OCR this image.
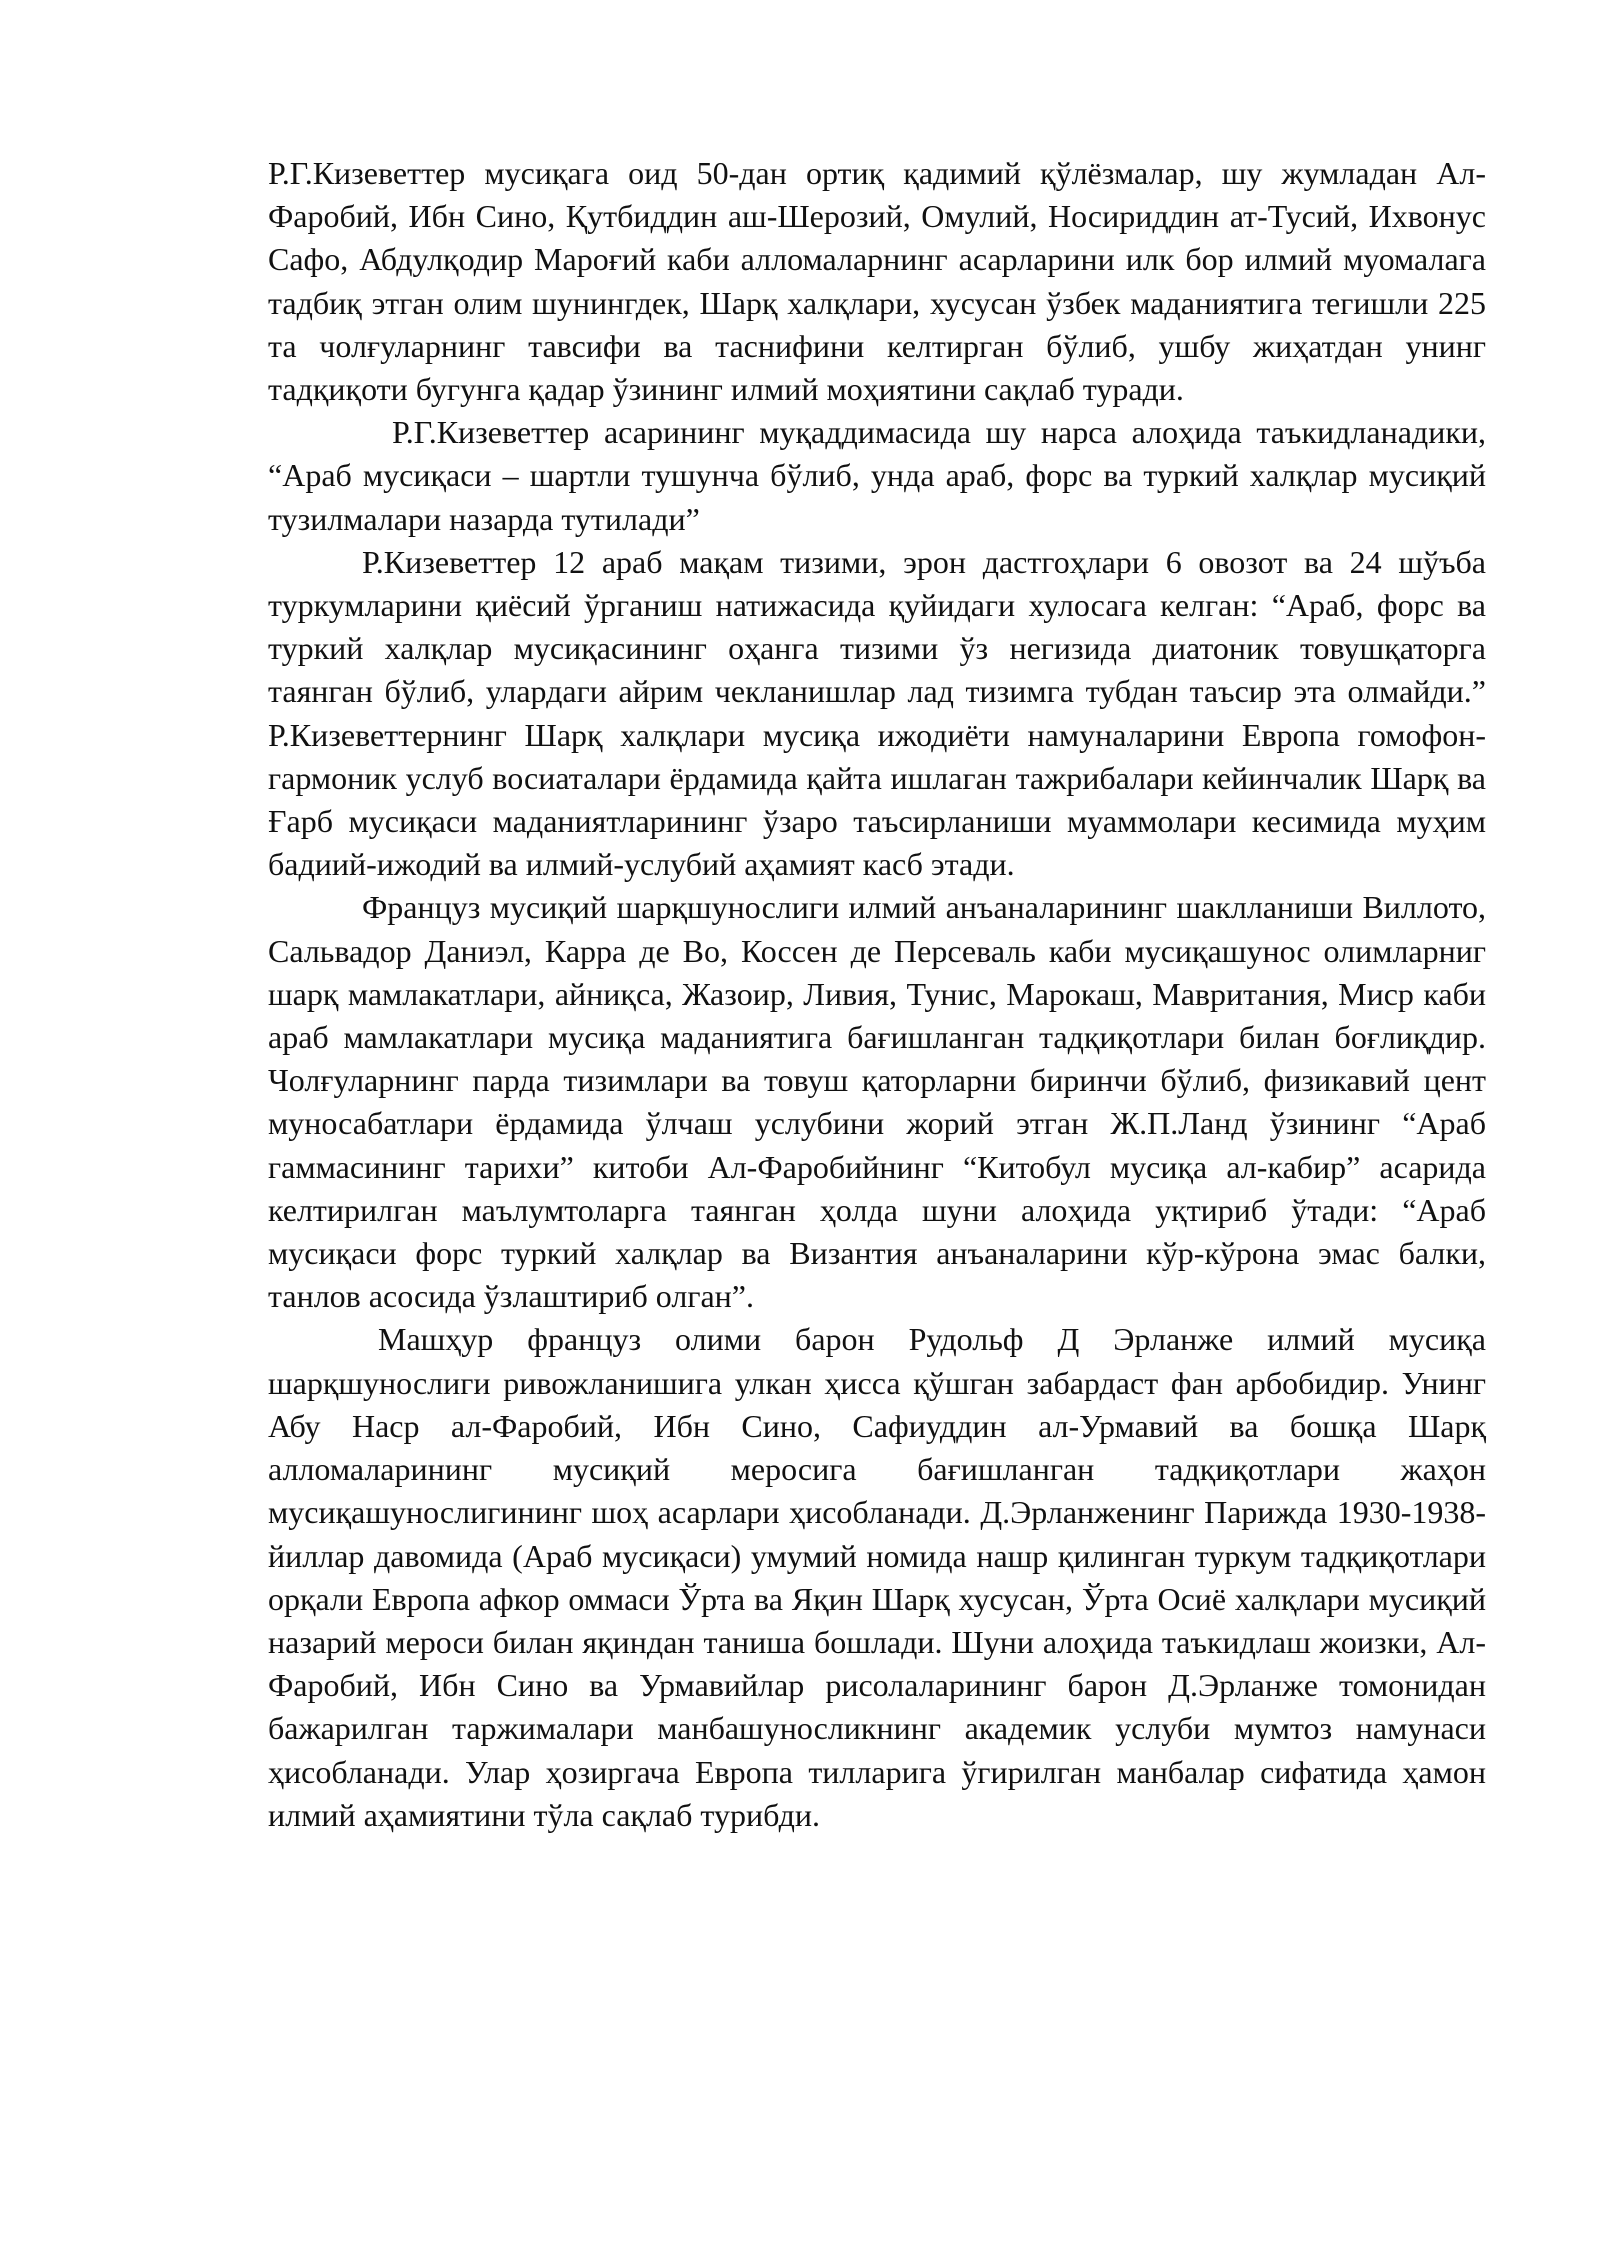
Р.Г.Кизеветтер мусиқага оид 50-дан ортиқ қадимий қўлёзмалар, шу жумладан Ал-Фаробий, Ибн Сино, Қутбиддин аш-Шерозий, Омулий, Носириддин ат-Тусий, Ихвонус Сафо, Абдулқодир Мароғий каби алломаларнинг асарларини илк бор илмий муомалага тадбиқ этган олим шунингдек, Шарқ халқлари, хусусан ўзбек маданиятига тегишли 225 та чолғуларнинг тавсифи ва таснифини келтирган бўлиб, ушбу жиҳатдан унинг тадқиқоти бугунга қадар ўзининг илмий моҳиятини сақлаб туради.

Р.Г.Кизеветтер асарининг муқаддимасида шу нарса алоҳида таъкидланадики, “Араб мусиқаси – шартли тушунча бўлиб, унда араб, форс ва туркий халқлар мусиқий тузилмалари назарда тутилади”

Р.Кизеветтер 12 араб мақам тизими, эрон дастгоҳлари 6 овозот ва 24 шўъба туркумларини қиёсий ўрганиш натижасида қуйидаги хулосага келган: “Араб, форс ва туркий халқлар мусиқасининг оҳанга тизими ўз негизида диатоник товушқаторга таянган бўлиб, улардаги айрим чекланишлар лад тизимга тубдан таъсир эта олмайди.” Р.Кизеветтернинг Шарқ халқлари мусиқа ижодиёти намуналарини Европа гомофон-гармоник услуб восиаталари ёрдамида қайта ишлаган тажрибалари кейинчалик Шарқ ва Ғарб мусиқаси маданиятларининг ўзаро таъсирланиши муаммолари кесимида муҳим бадиий-ижодий ва илмий-услубий аҳамият касб этади.

Француз мусиқий шарқшунослиги илмий анъаналарининг шаклланиши Виллото, Сальвадор Даниэл, Карра де Во, Коссен де Персеваль каби мусиқашунос олимларниг шарқ мамлакатлари, айниқса, Жазоир, Ливия, Тунис, Марокаш, Мавритания, Миср каби араб мамлакатлари мусиқа маданиятига бағишланган тадқиқотлари билан боғлиқдир. Чолғуларнинг парда тизимлари ва товуш қаторларни биринчи бўлиб, физикавий цент муносабатлари ёрдамида ўлчаш услубини жорий этган Ж.П.Ланд ўзининг “Араб гаммасининг тарихи” китоби Ал-Фаробийнинг “Китобул мусиқа ал-кабир” асарида келтирилган маълумтоларга таянган ҳолда шуни алоҳида уқтириб ўтади: “Араб мусиқаси форс туркий халқлар ва Византия анъаналарини кўр-кўрона эмас балки, танлов асосида ўзлаштириб олган”.

Машҳур француз олими барон Рудольф Д Эрланже илмий мусиқа шарқшунослиги ривожланишига улкан ҳисса қўшган забардаст фан арбобидир. Унинг Абу Наср ал-Фаробий, Ибн Сино, Сафиуддин ал-Урмавий ва бошқа Шарқ алломаларининг мусиқий меросига бағишланган тадқиқотлари жаҳон мусиқашунослигининг шоҳ асарлари ҳисобланади. Д.Эрланженинг Парижда 1930-1938-йиллар давомида (Араб мусиқаси) умумий номида нашр қилинган туркум тадқиқотлари орқали Европа афкор оммаси Ўрта ва Яқин Шарқ хусусан, Ўрта Осиё халқлари мусиқий назарий мероси билан яқиндан таниша бошлади. Шуни алоҳида таъкидлаш жоизки, Ал-Фаробий, Ибн Сино ва Урмавийлар рисолаларининг барон Д.Эрланже томонидан бажарилган таржималари манбашуносликнинг академик услуби мумтоз намунаси ҳисобланади. Улар ҳозиргача Европа тилларига ўгирилган манбалар сифатида ҳамон илмий аҳамиятини тўла сақлаб турибди.
